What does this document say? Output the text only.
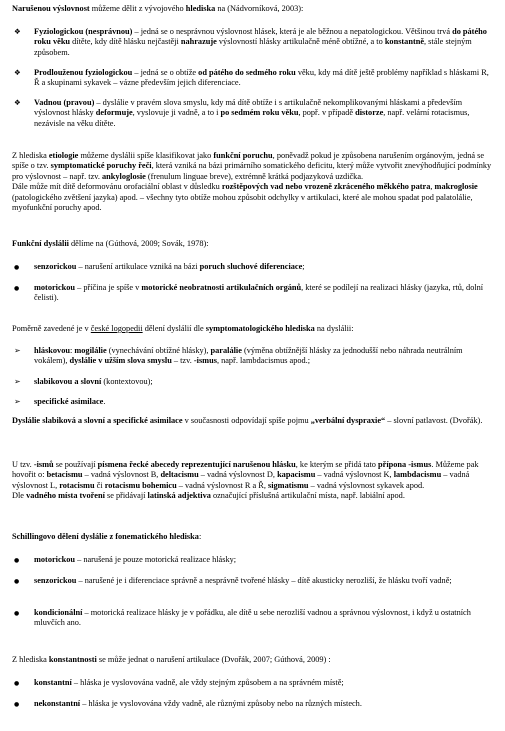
Narušenou výslovnost můžeme dělit z vývojového hlediska na (Nádvorníková, 2003):

❖

Fyziologickou (nesprávnou) – jedná se o nesprávnou výslovnost hlásek, která je ale běžnou a nepatologickou. Většinou trvá do pátého roku věku dítěte, kdy dítě hlásku nejčastěji nahrazuje výslovností hlásky artikulačně méně obtížné, a to konstantně, stále stejným způsobem.

❖

Prodlouženou fyziologickou – jedná se o obtíže od pátého do sedmého roku věku, kdy má dítě ještě problémy například s hláskami R, Ř a skupinami sykavek – vázne především jejich diferenciace.

❖

Vadnou (pravou) – dyslálie v pravém slova smyslu, kdy má dítě obtíže i s artikulačně nekomplikovanými hláskami a především výslovnost hlásky deformuje, vyslovuje ji vadně, a to i po sedmém roku věku, popř. v případě distorze, např. velární rotacismus, nezávisle na věku dítěte.

Z hlediska etiologie můžeme dyslálii spíše klasifikovat jako funkční poruchu, poněvadž pokud je způsobena narušením orgánovým, jedná se spíše o tzv. symptomatické poruchy řeči, která vzniká na bázi primárního somatického deficitu, který může vytvořit znevýhodňující podmínky pro výslovnost – např. tzv. ankyloglosie (frenulum linguae breve), extrémně krátká podjazyková uzdička.

Dále může mít dítě deformovánu orofaciální oblast v důsledku rozštěpových vad nebo vrozeně zkráceného měkkého patra, makroglosie (patologického zvětšení jazyka) apod. – všechny tyto obtíže mohou způsobit odchylky v artikulaci, které ale mohou spadat pod palatolálie, myofunkční poruchy apod.

Funkční dyslálii dělíme na (Gúthová, 2009; Sovák, 1978):

●

senzorickou – narušení artikulace vzniká na bázi poruch sluchové diferenciace;

●

motorickou – příčina je spíše v motorické neobratnosti artikulačních orgánů, které se podílejí na realizaci hlásky (jazyka, rtů, dolní čelisti).

Poměrně zavedené je v české logopedii dělení dyslálií dle symptomatologického hlediska na dyslálii:

➢

hláskovou: mogilálie (vynechávání obtížné hlásky), paralálie (výměna obtížnější hlásky za jednodušší nebo náhrada neutrálním vokálem), dyslálie v užším slova smyslu – tzv. -ismus, např. lambdacismus apod.;

➢

slabikovou a slovní (kontextovou);

➢

specifické asimilace.

Dyslálie slabiková a slovní a specifické asimilace v současnosti odpovídají spíše pojmu „verbální dyspraxie“ – slovní patlavost. (Dvořák).

U tzv. -ismů se používají písmena řecké abecedy reprezentující narušenou hlásku, ke kterým se přidá tato přípona -ismus. Můžeme pak hovořit o: betacismu – vadná výslovnost B, deltacismu – vadná výslovnost D, kapacismu – vadná výslovnost K, lambdacismu – vadná výslovnost L, rotacismu či rotacismu bohemicu – vadná výslovnost R a Ř, sigmatismu – vadná výslovnost sykavek apod.

Dle vadného místa tvoření se přidávají latinská adjektiva označující příslušná artikulační místa, např. labiální apod.

Schillingovo dělení dyslálie z fonematického hlediska:

●

motorickou – narušená je pouze motorická realizace hlásky;

●

senzorickou – narušené je i diferenciace správně a nesprávně tvořené hlásky – dítě akusticky nerozliší, že hlásku tvoří vadně;

●

kondicionální – motorická realizace hlásky je v pořádku, ale dítě u sebe nerozliší vadnou a správnou výslovnost, i když u ostatních mluvčích ano.

Z hlediska konstantnosti se může jednat o narušení artikulace (Dvořák, 2007; Gúthová, 2009) :

●

konstantní – hláska je vyslovována vadně, ale vždy stejným způsobem a na správném místě;

●

nekonstantní – hláska je vyslovována vždy vadně, ale různými způsoby nebo na různých místech.
